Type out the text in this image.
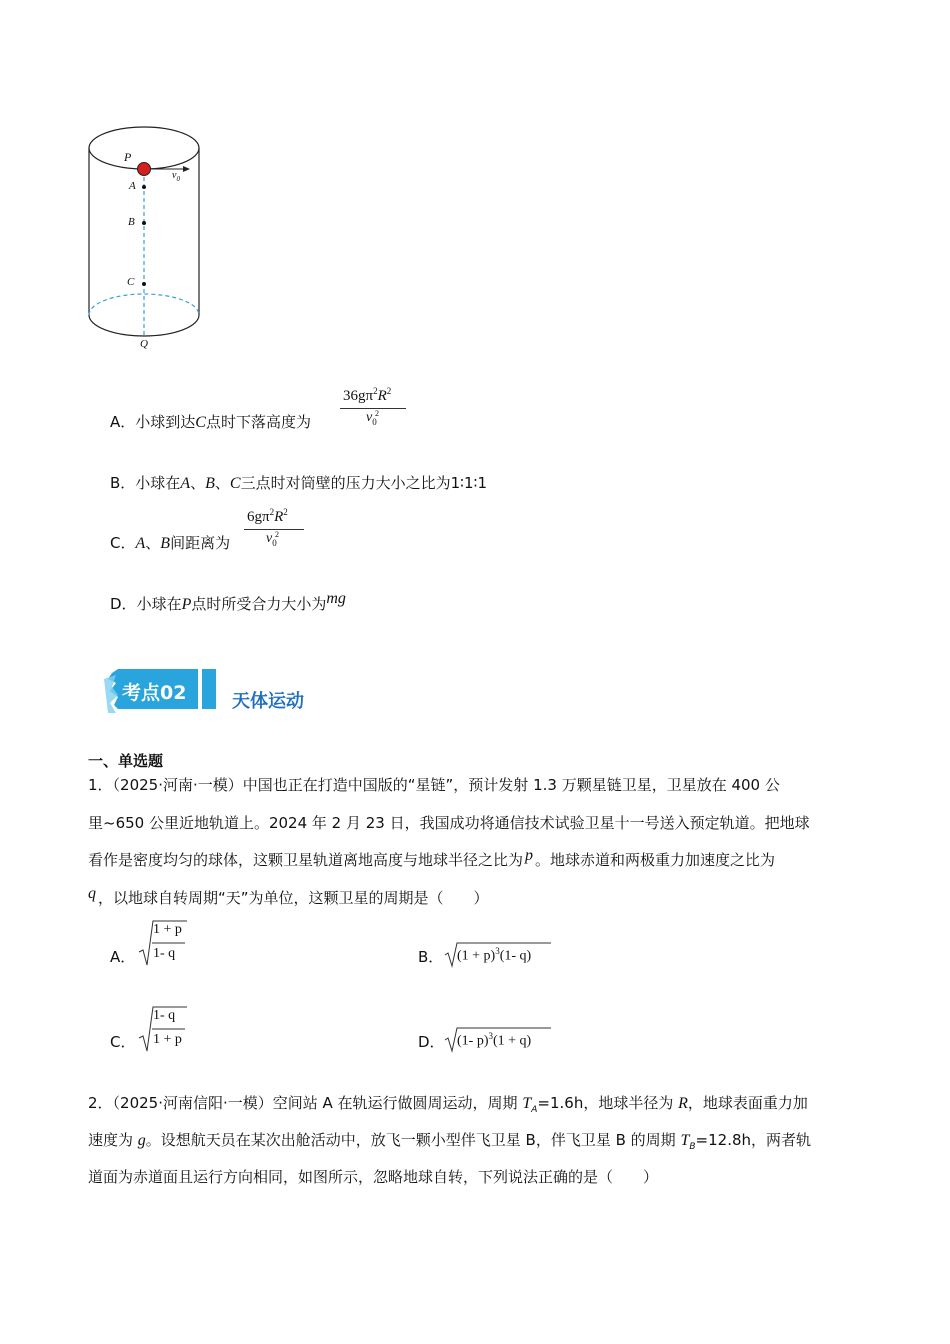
P
A
B
C
Q
$v_0$
A．小球到达C点时下落高度为
$36g\pi^2R^2$
$v_0$
2
B．小球在A、B、C三点时对筒壁的压力大小之比为1∶1∶1
C．A、B间距离为
$6g\pi^2R^2$
$v_0$
2
D．小球在P点时所受合力大小为mg
考点02	天体运动
一、单选题
1．（2025·河南·一模）中国也正在打造中国版的“星链”，预计发射 1.3 万颗星链卫星，卫星放在 400 公
里~650 公里近地轨道上。2024 年 2 月 23 日，我国成功将通信技术试验卫星十一号送入预定轨道。把地球
看作是密度均匀的球体，这颗卫星轨道离地高度与地球半径之比为 p 。地球赤道和两极重力加速度之比为
q ，以地球自转周期“天”为单位，这颗卫星的周期是（　　）
A．
1 + p
1- q	B． $(1 + p)^3(1-$ q)
C．
1- q
1 + p	D． (1- p)$^3$(1 + q)
2．（2025·河南信阳·一模）空间站 A 在轨运行做圆周运动，周期 $T_A=1.6h$，地球半径为 R，地球表面重力加
速度为 g。设想航天员在某次出舱活动中，放飞一颗小型伴飞卫星 B，伴飞卫星 B 的周期 $T_B=12.8h$，两者轨
道面为赤道面且运行方向相同，如图所示，忽略地球自转，下列说法正确的是（　　）
